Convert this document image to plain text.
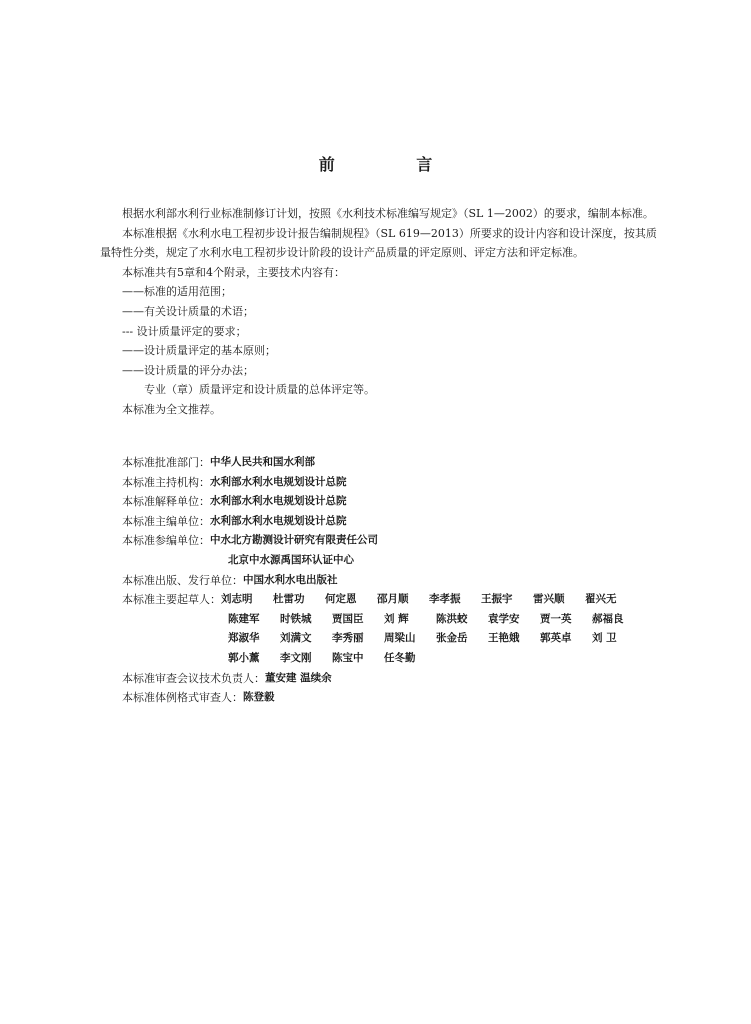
前 言

根据水利部水利行业标准制修订计划，按照《水利技术标准编写规定》（SL 1—2002）的要求，编制本标准。

本标准根据《水利水电工程初步设计报告编制规程》（SL 619—2013）所要求的设计内容和设计深度，按其质量特性分类，规定了水利水电工程初步设计阶段的设计产品质量的评定原则、评定方法和评定标准。

本标准共有5章和4个附录，主要技术内容有：

——标准的适用范围；

——有关设计质量的术语；

--- 设计质量评定的要求；

——设计质量评定的基本原则；

——设计质量的评分办法；

专业（章）质量评定和设计质量的总体评定等。

本标准为全文推荐。

本标准批准部门： 中华人民共和国水利部
本标准主持机构： 水利部水利水电规划设计总院
本标准解释单位： 水利部水利水电规划设计总院
本标准主编单位： 水利部水利水电规划设计总院
本标准参编单位： 中水北方勘测设计研究有限责任公司
北京中水源禹国环认证中心
本标准出版、发行单位： 中国水利水电出版社
本标准主要起草人： 刘志明	杜雷功	何定恩	邵月顺	李孝振	王振宇	雷兴顺	翟兴无
陈建军	时铁城	贾国臣	刘 辉	陈洪蛟	袁学安	贾一英	郝福良
郑淑华	刘满文	李秀丽	周梁山	张金岳	王艳娥	郭英卓	刘 卫
郭小薰	李文刚	陈宝中	任冬勤
本标准审查会议技术负责人： 董安建 温续余
本标准体例格式审查人： 陈登毅
